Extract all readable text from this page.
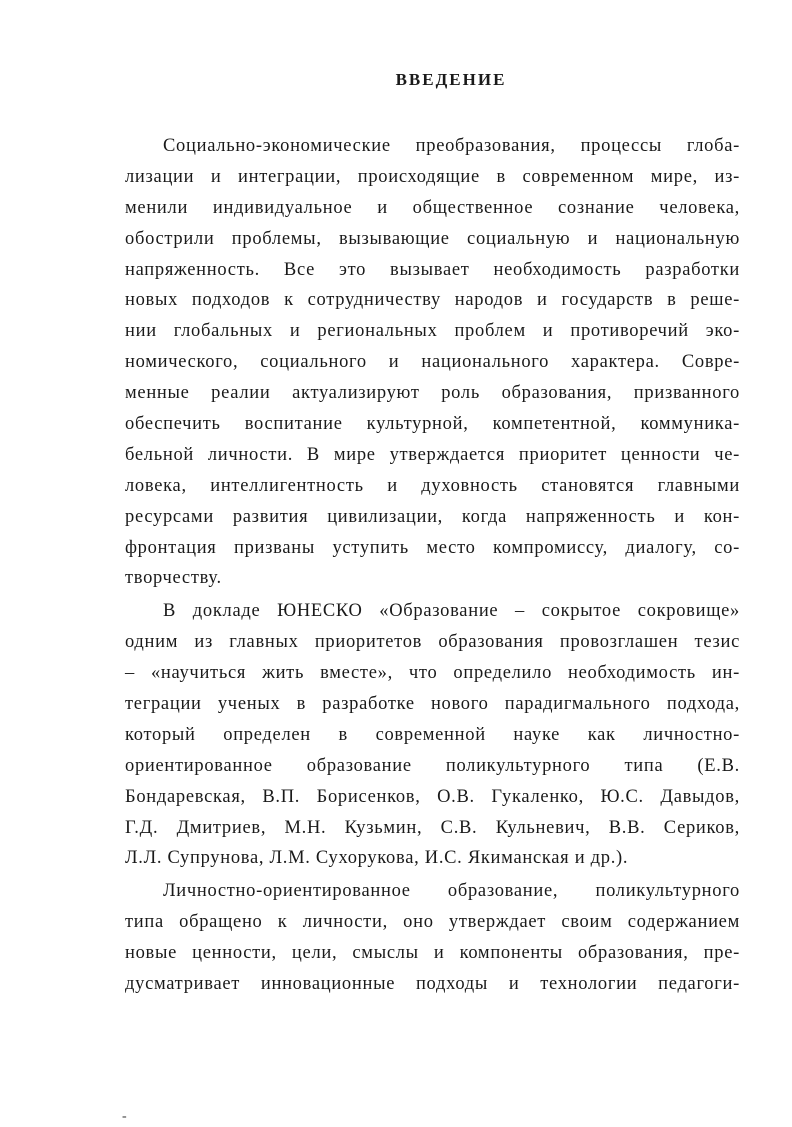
ВВЕДЕНИЕ
Социально-экономические преобразования, процессы глоба-
лизации и интеграции, происходящие в современном мире, из-
менили индивидуальное и общественное сознание человека,
обострили проблемы, вызывающие социальную и национальную
напряженность. Все это вызывает необходимость разработки
новых подходов к сотрудничеству народов и государств в реше-
нии глобальных и региональных проблем и противоречий эко-
номического, социального и национального характера. Совре-
менные реалии актуализируют роль образования, призванного
обеспечить воспитание культурной, компетентной, коммуника-
бельной личности. В мире утверждается приоритет ценности че-
ловека, интеллигентность и духовность становятся главными
ресурсами развития цивилизации, когда напряженность и кон-
фронтация призваны уступить место компромиссу, диалогу, со-
творчеству.
В докладе ЮНЕСКО «Образование – сокрытое сокровище»
одним из главных приоритетов образования провозглашен тезис
– «научиться жить вместе», что определило необходимость ин-
теграции ученых в разработке нового парадигмального подхода,
который определен в современной науке как личностно-
ориентированное образование поликультурного типа (Е.В.
Бондаревская, В.П. Борисенков, О.В. Гукаленко, Ю.С. Давыдов,
Г.Д. Дмитриев, М.Н. Кузьмин, С.В. Кульневич, В.В. Сериков,
Л.Л. Супрунова, Л.М. Сухорукова, И.С. Якиманская и др.).
Личностно-ориентированное образование, поликультурного
типа обращено к личности, оно утверждает своим содержанием
новые ценности, цели, смыслы и компоненты образования, пре-
дусматривает инновационные подходы и технологии педагоги-
-
